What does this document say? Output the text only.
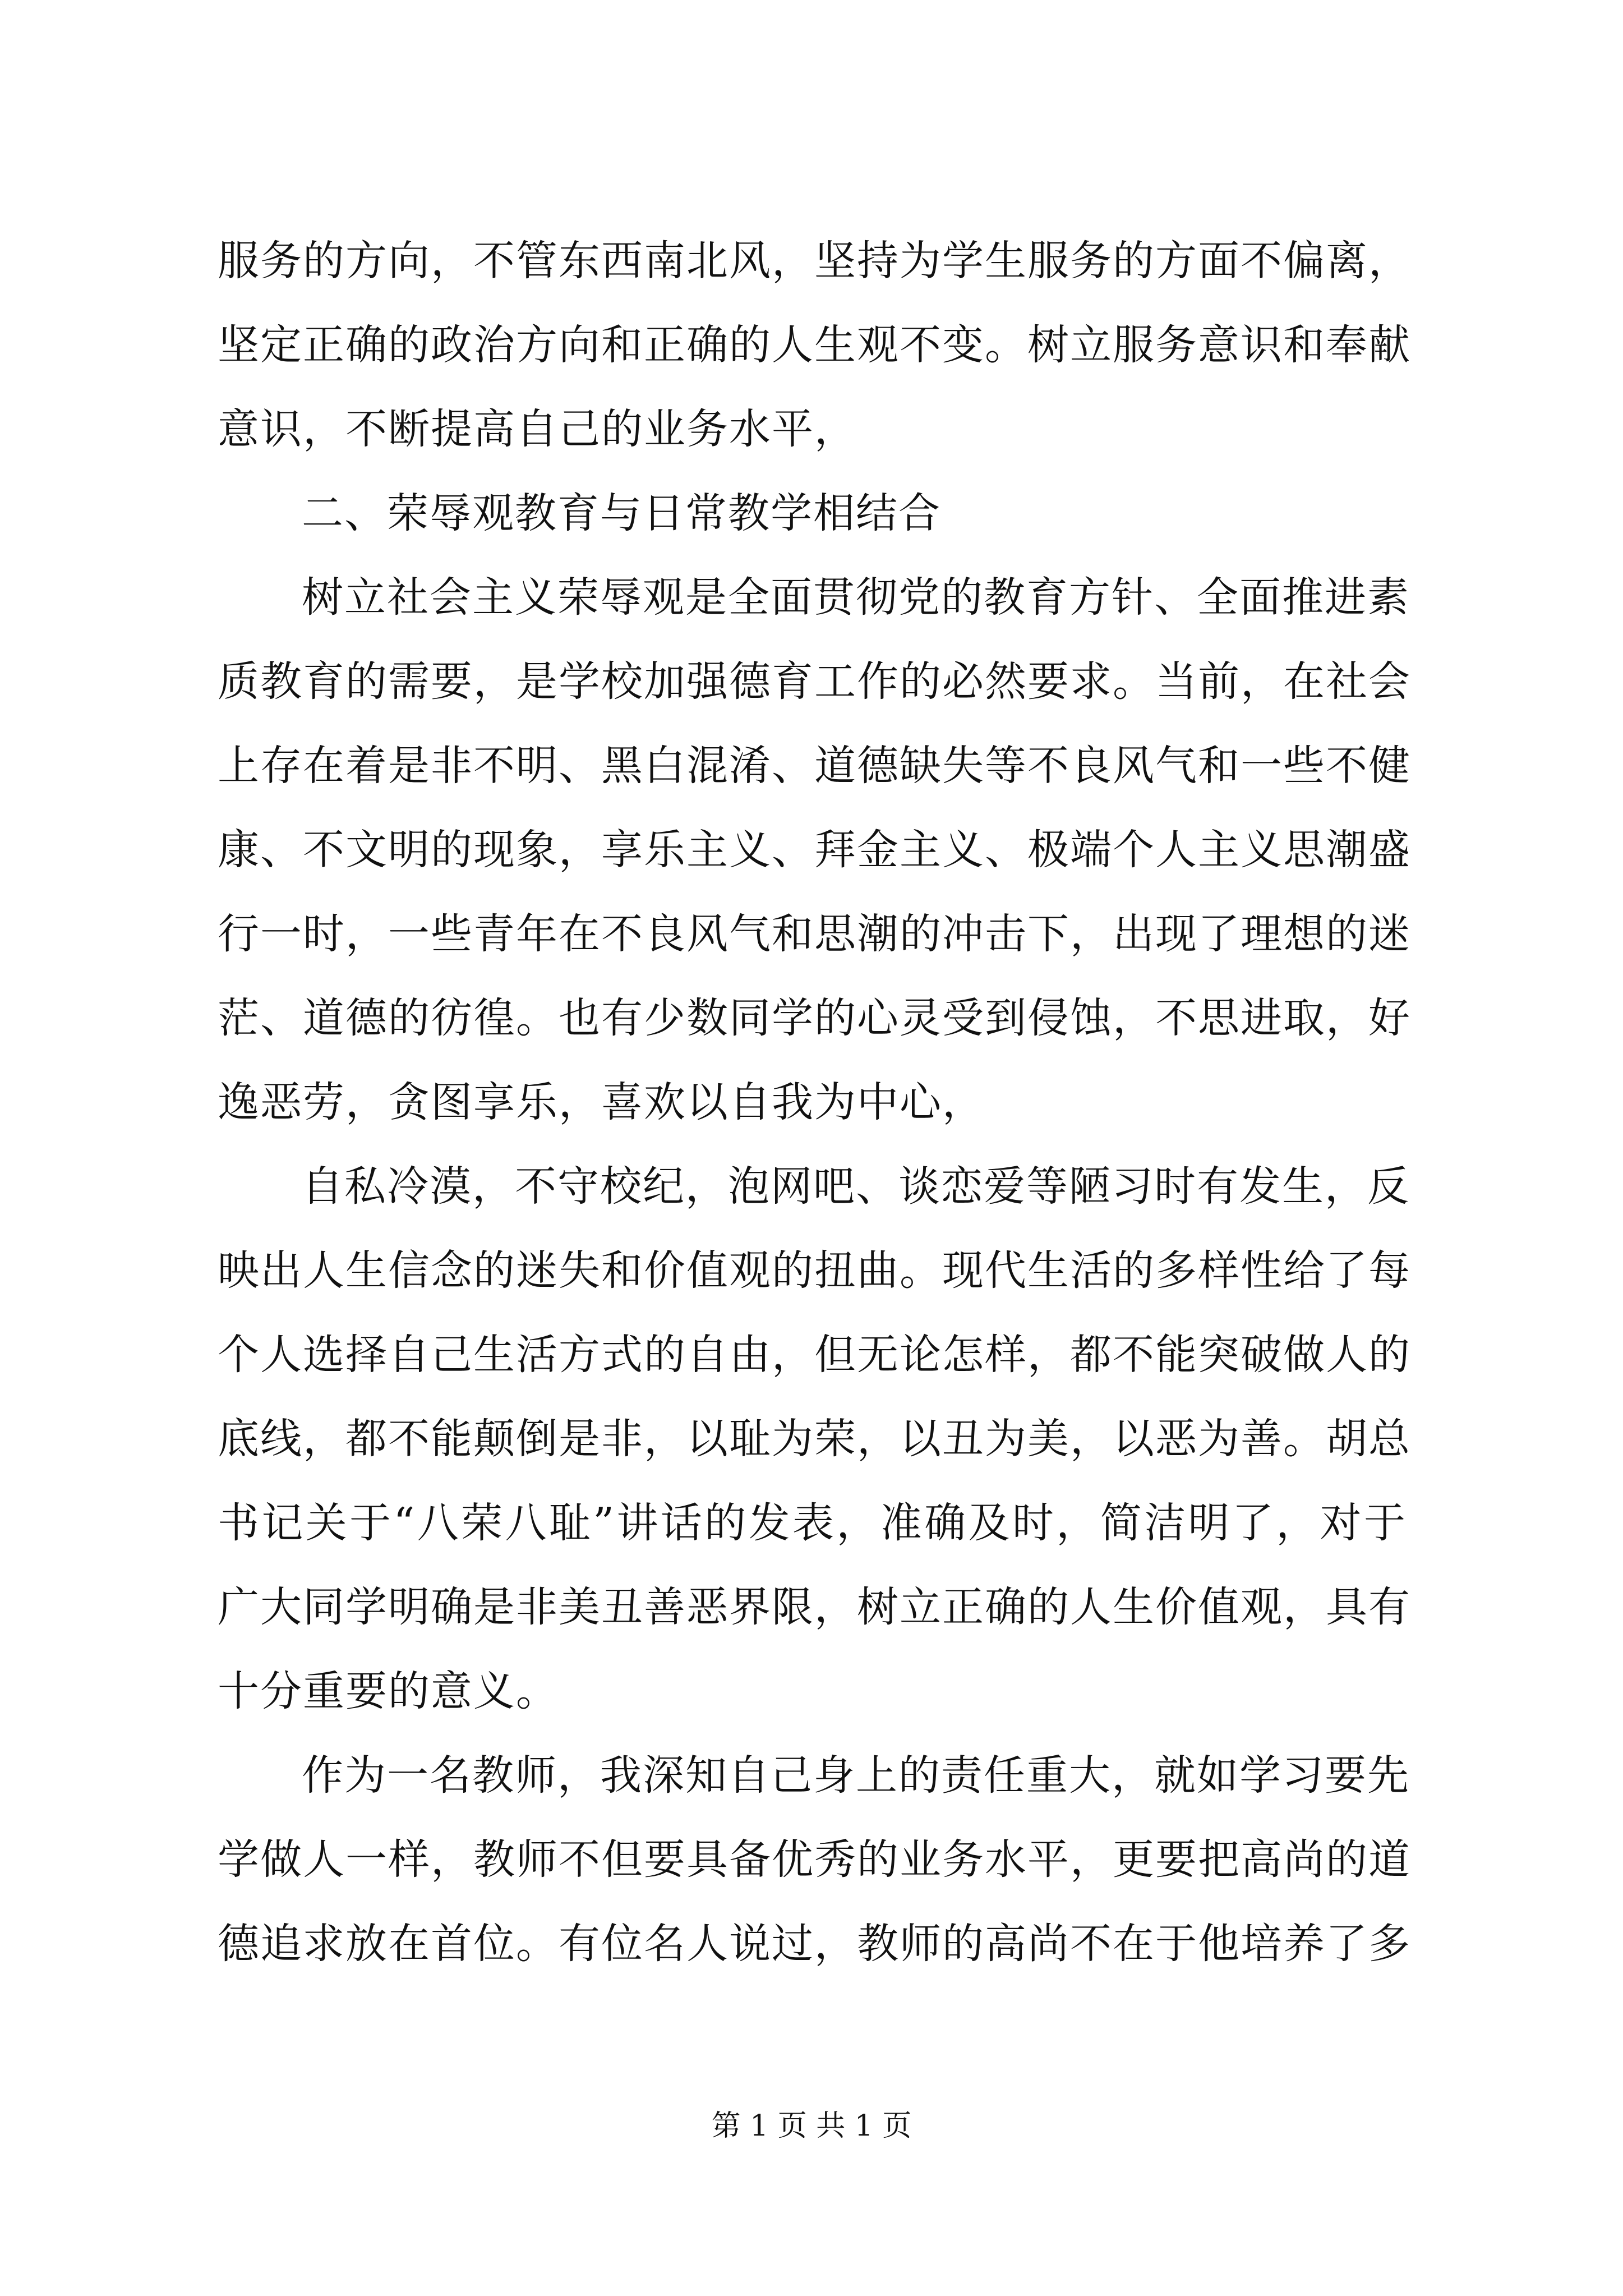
服务的方向，不管东西南北风，坚持为学生服务的方面不偏离，
坚定正确的政治方向和正确的人生观不变。树立服务意识和奉献
意识，不断提高自己的业务水平，
二、荣辱观教育与日常教学相结合
树立社会主义荣辱观是全面贯彻党的教育方针、全面推进素
质教育的需要，是学校加强德育工作的必然要求。当前，在社会
上存在着是非不明、黑白混淆、道德缺失等不良风气和一些不健
康、不文明的现象，享乐主义、拜金主义、极端个人主义思潮盛
行一时，一些青年在不良风气和思潮的冲击下，出现了理想的迷
茫、道德的彷徨。也有少数同学的心灵受到侵蚀，不思进取，好
逸恶劳，贪图享乐，喜欢以自我为中心，
自私冷漠，不守校纪，泡网吧、谈恋爱等陋习时有发生，反
映出人生信念的迷失和价值观的扭曲。现代生活的多样性给了每
个人选择自己生活方式的自由，但无论怎样，都不能突破做人的
底线，都不能颠倒是非，以耻为荣，以丑为美，以恶为善。胡总
书记关于“八荣八耻”讲话的发表，准确及时，简洁明了，对于
广大同学明确是非美丑善恶界限，树立正确的人生价值观，具有
十分重要的意义。
作为一名教师，我深知自己身上的责任重大，就如学习要先
学做人一样，教师不但要具备优秀的业务水平，更要把高尚的道
德追求放在首位。有位名人说过，教师的高尚不在于他培养了多
第 1 页 共 1 页
